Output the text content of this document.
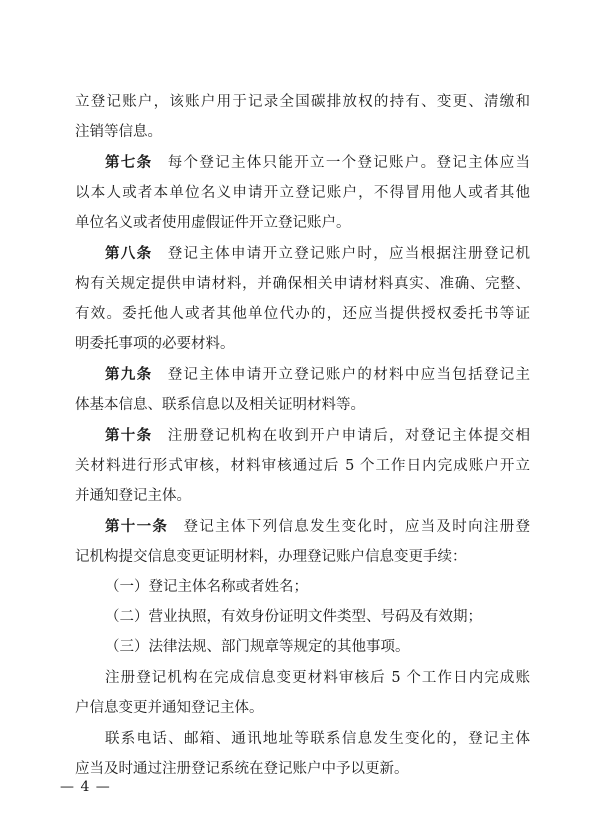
立登记账户，该账户用于记录全国碳排放权的持有、变更、清缴和
注销等信息。
第七条 每个登记主体只能开立一个登记账户。登记主体应当
以本人或者本单位名义申请开立登记账户，不得冒用他人或者其他
单位名义或者使用虚假证件开立登记账户。
第八条 登记主体申请开立登记账户时，应当根据注册登记机
构有关规定提供申请材料，并确保相关申请材料真实、准确、完整、
有效。委托他人或者其他单位代办的，还应当提供授权委托书等证
明委托事项的必要材料。
第九条 登记主体申请开立登记账户的材料中应当包括登记主
体基本信息、联系信息以及相关证明材料等。
第十条 注册登记机构在收到开户申请后，对登记主体提交相
关材料进行形式审核，材料审核通过后 5 个工作日内完成账户开立
并通知登记主体。
第十一条 登记主体下列信息发生变化时，应当及时向注册登
记机构提交信息变更证明材料，办理登记账户信息变更手续：
（一）登记主体名称或者姓名；
（二）营业执照，有效身份证明文件类型、号码及有效期；
（三）法律法规、部门规章等规定的其他事项。
注册登记机构在完成信息变更材料审核后 5 个工作日内完成账
户信息变更并通知登记主体。
联系电话、邮箱、通讯地址等联系信息发生变化的，登记主体
应当及时通过注册登记系统在登记账户中予以更新。
— 4 —
